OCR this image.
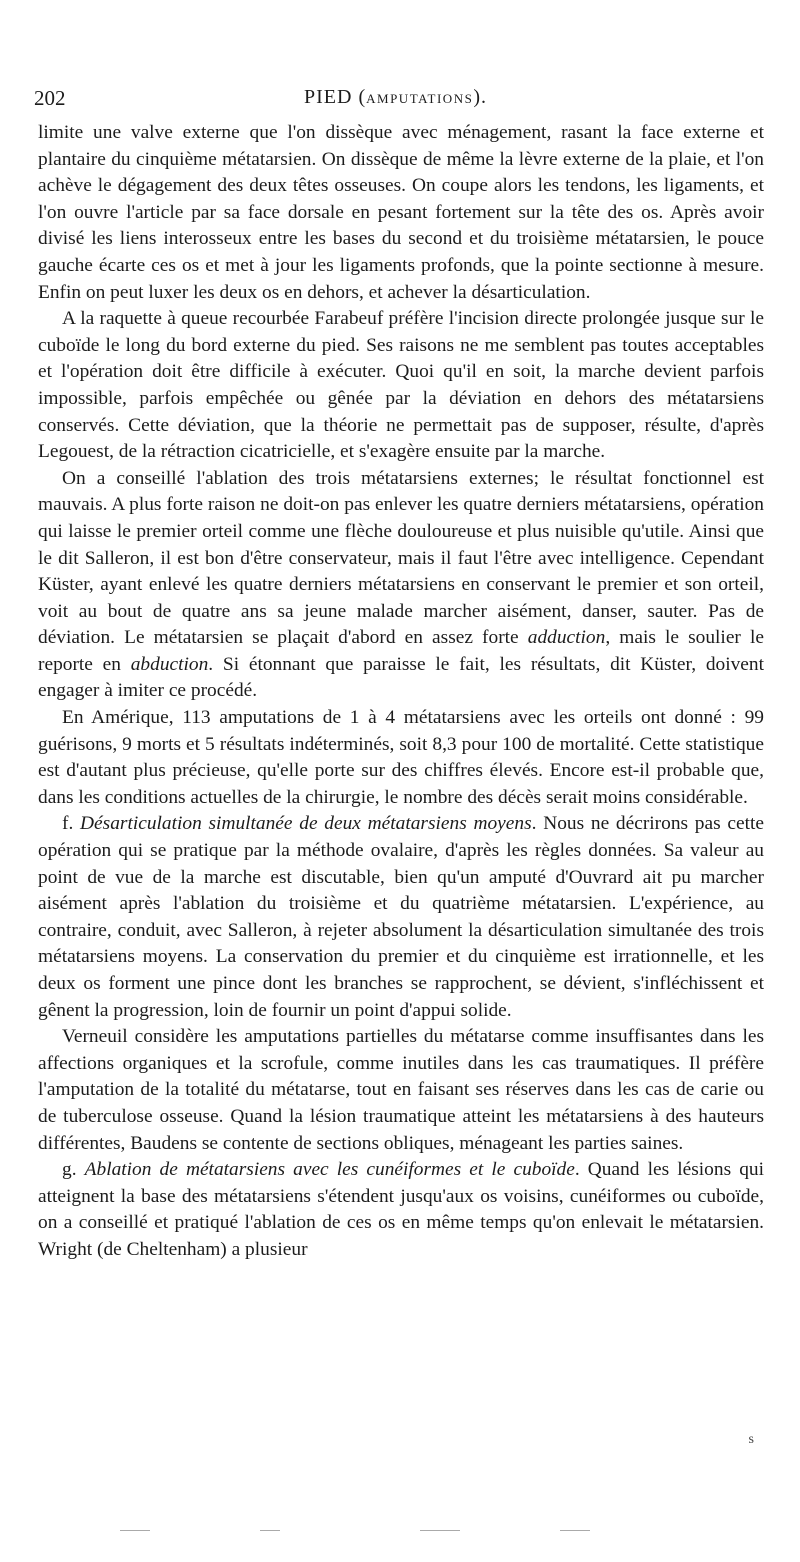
202	PIED (AMPUTATIONS).

limite une valve externe que l'on dissèque avec ménagement, rasant la face externe et plantaire du cinquième métatarsien. On dissèque de même la lèvre externe de la plaie, et l'on achève le dégagement des deux têtes osseuses. On coupe alors les tendons, les ligaments, et l'on ouvre l'article par sa face dorsale en pesant fortement sur la tête des os. Après avoir divisé les liens interosseux entre les bases du second et du troisième métatarsien, le pouce gauche écarte ces os et met à jour les ligaments profonds, que la pointe sectionne à mesure. Enfin on peut luxer les deux os en dehors, et achever la désarticulation.

A la raquette à queue recourbée Farabeuf préfère l'incision directe prolongée jusque sur le cuboïde le long du bord externe du pied. Ses raisons ne me semblent pas toutes acceptables et l'opération doit être difficile à exécuter. Quoi qu'il en soit, la marche devient parfois impossible, parfois empêchée ou gênée par la déviation en dehors des métatarsiens conservés. Cette déviation, que la théorie ne permettait pas de supposer, résulte, d'après Legouest, de la rétraction cicatricielle, et s'exagère ensuite par la marche.

On a conseillé l'ablation des trois métatarsiens externes; le résultat fonctionnel est mauvais. A plus forte raison ne doit-on pas enlever les quatre derniers métatarsiens, opération qui laisse le premier orteil comme une flèche douloureuse et plus nuisible qu'utile. Ainsi que le dit Salleron, il est bon d'être conservateur, mais il faut l'être avec intelligence. Cependant Küster, ayant enlevé les quatre derniers métatarsiens en conservant le premier et son orteil, voit au bout de quatre ans sa jeune malade marcher aisément, danser, sauter. Pas de déviation. Le métatarsien se plaçait d'abord en assez forte adduction, mais le soulier le reporte en abduction. Si étonnant que paraisse le fait, les résultats, dit Küster, doivent engager à imiter ce procédé.

En Amérique, 113 amputations de 1 à 4 métatarsiens avec les orteils ont donné : 99 guérisons, 9 morts et 5 résultats indéterminés, soit 8,3 pour 100 de mortalité. Cette statistique est d'autant plus précieuse, qu'elle porte sur des chiffres élevés. Encore est-il probable que, dans les conditions actuelles de la chirurgie, le nombre des décès serait moins considérable.

f. Désarticulation simultanée de deux métatarsiens moyens. Nous ne décrirons pas cette opération qui se pratique par la méthode ovalaire, d'après les règles données. Sa valeur au point de vue de la marche est discutable, bien qu'un amputé d'Ouvrard ait pu marcher aisément après l'ablation du troisième et du quatrième métatarsien. L'expérience, au contraire, conduit, avec Salleron, à rejeter absolument la désarticulation simultanée des trois métatarsiens moyens. La conservation du premier et du cinquième est irrationnelle, et les deux os forment une pince dont les branches se rapprochent, se dévient, s'infléchissent et gênent la progression, loin de fournir un point d'appui solide.

Verneuil considère les amputations partielles du métatarse comme insuffisantes dans les affections organiques et la scrofule, comme inutiles dans les cas traumatiques. Il préfère l'amputation de la totalité du métatarse, tout en faisant ses réserves dans les cas de carie ou de tuberculose osseuse. Quand la lésion traumatique atteint les métatarsiens à des hauteurs différentes, Baudens se contente de sections obliques, ménageant les parties saines.

g. Ablation de métatarsiens avec les cunéiformes et le cuboïde. Quand les lésions qui atteignent la base des métatarsiens s'étendent jusqu'aux os voisins, cunéiformes ou cuboïde, on a conseillé et pratiqué l'ablation de ces os en même temps qu'on enlevait le métatarsien. Wright (de Cheltenham) a plusieur

s
